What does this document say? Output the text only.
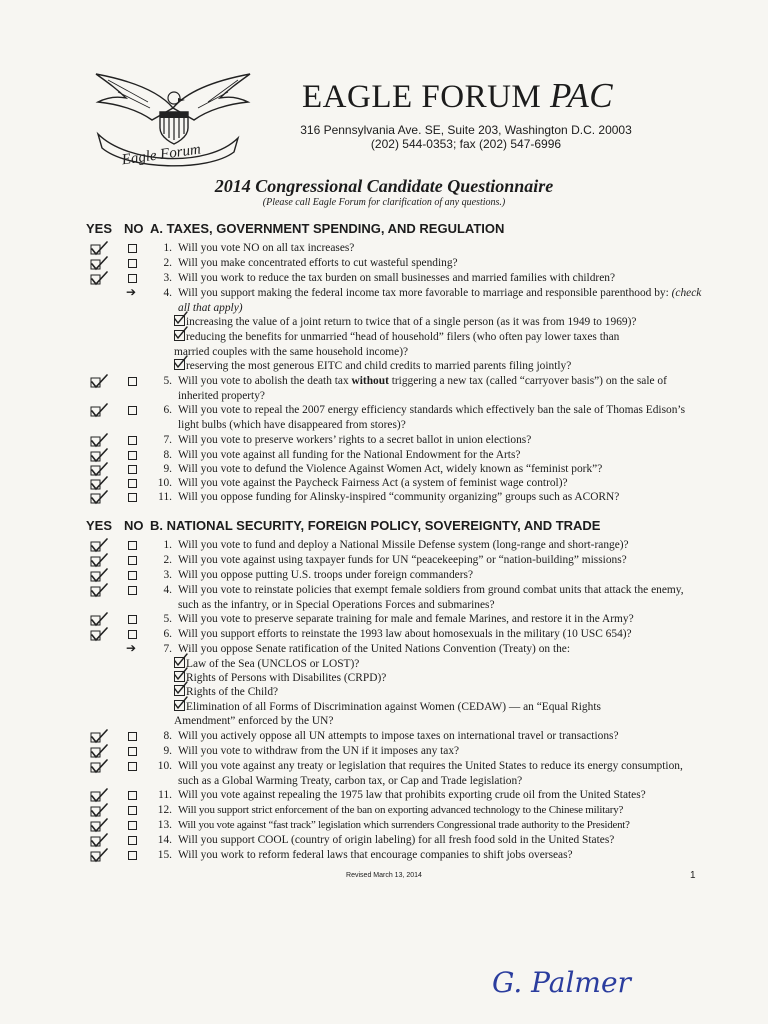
Eagle Forum
EAGLE FORUM PAC
316 Pennsylvania Ave. SE, Suite 203, Washington D.C. 20003
(202) 544-0353; fax (202) 547-6996
2014 Congressional Candidate Questionnaire
(Please call Eagle Forum for clarification of any questions.)
YES NO A. TAXES, GOVERNMENT SPENDING, AND REGULATION
1. Will you vote NO on all tax increases?
2. Will you make concentrated efforts to cut wasteful spending?
3. Will you work to reduce the tax burden on small businesses and married families with children?
➔	4. Will you support making the federal income tax more favorable to marriage and responsible parenthood by: (check all that apply)
increasing the value of a joint return to twice that of a single person (as it was from 1949 to 1969)?
reducing the benefits for unmarried “head of household” filers (who often pay lower taxes than
married couples with the same household income)?
reserving the most generous EITC and child credits to married parents filing jointly?
5. Will you vote to abolish the death tax without triggering a new tax (called “carryover basis”) on the sale of inherited property?
6. Will you vote to repeal the 2007 energy efficiency standards which effectively ban the sale of Thomas Edison’s light bulbs (which have disappeared from stores)?
7. Will you vote to preserve workers’ rights to a secret ballot in union elections?
8. Will you vote against all funding for the National Endowment for the Arts?
9. Will you vote to defund the Violence Against Women Act, widely known as “feminist pork”?
10. Will you vote against the Paycheck Fairness Act (a system of feminist wage control)?
11. Will you oppose funding for Alinsky-inspired “community organizing” groups such as ACORN?
YES NO B. NATIONAL SECURITY, FOREIGN POLICY, SOVEREIGNTY, AND TRADE
1. Will you vote to fund and deploy a National Missile Defense system (long-range and short-range)?
2. Will you vote against using taxpayer funds for UN “peacekeeping” or “nation-building” missions?
3. Will you oppose putting U.S. troops under foreign commanders?
4. Will you vote to reinstate policies that exempt female soldiers from ground combat units that attack the enemy, such as the infantry, or in Special Operations Forces and submarines?
5. Will you vote to preserve separate training for male and female Marines, and restore it in the Army?
6. Will you support efforts to reinstate the 1993 law about homosexuals in the military (10 USC 654)?
➔	7. Will you oppose Senate ratification of the United Nations Convention (Treaty) on the:
Law of the Sea (UNCLOS or LOST)?
Rights of Persons with Disabilites (CRPD)?
Rights of the Child?
Elimination of all Forms of Discrimination against Women (CEDAW) — an “Equal Rights
Amendment” enforced by the UN?
8. Will you actively oppose all UN attempts to impose taxes on international travel or transactions?
9. Will you vote to withdraw from the UN if it imposes any tax?
10. Will you vote against any treaty or legislation that requires the United States to reduce its energy consumption, such as a Global Warming Treaty, carbon tax, or Cap and Trade legislation?
11. Will you vote against repealing the 1975 law that prohibits exporting crude oil from the United States?
12. Will you support strict enforcement of the ban on exporting advanced technology to the Chinese military?
13. Will you vote against “fast track” legislation which surrenders Congressional trade authority to the President?
14. Will you support COOL (country of origin labeling) for all fresh food sold in the United States?
15. Will you work to reform federal laws that encourage companies to shift jobs overseas?
Revised March 13, 2014	1
G. Palmer
